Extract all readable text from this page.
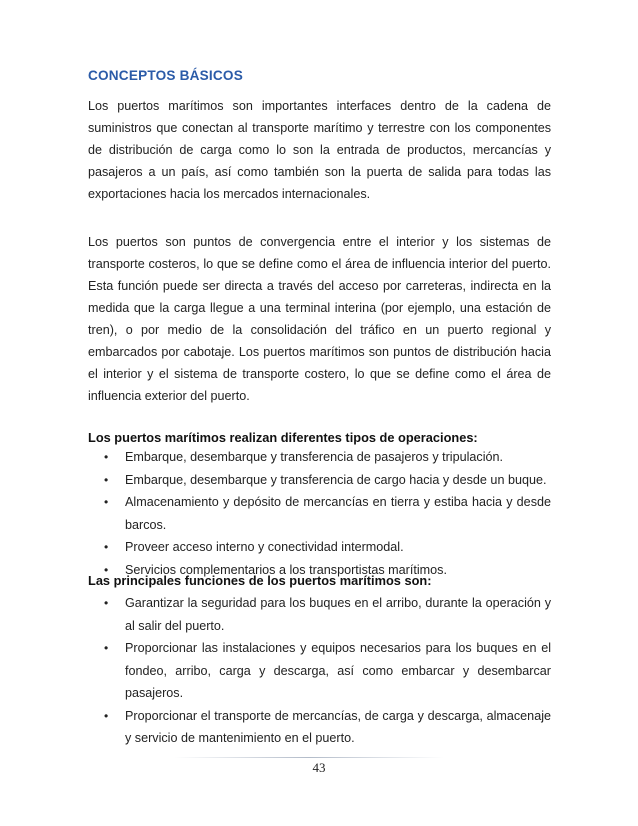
CONCEPTOS BÁSICOS

Los puertos marítimos son importantes interfaces dentro de la cadena de suministros que conectan al transporte marítimo y terrestre con los componentes de distribución de carga como lo son la entrada de productos, mercancías y pasajeros a un país, así como también son la puerta de salida para todas las exportaciones hacia los mercados internacionales.

Los puertos son puntos de convergencia entre el interior y los sistemas de transporte costeros, lo que se define como el área de influencia interior del puerto. Esta función puede ser directa a través del acceso por carreteras, indirecta en la medida que la carga llegue a una terminal interina (por ejemplo, una estación de tren), o por medio de la consolidación del tráfico en un puerto regional y embarcados por cabotaje. Los puertos marítimos son puntos de distribución hacia el interior y el sistema de transporte costero, lo que se define como el área de influencia exterior del puerto.

Los puertos marítimos realizan diferentes tipos de operaciones:

• Embarque, desembarque y transferencia de pasajeros y tripulación.
• Embarque, desembarque y transferencia de cargo hacia y desde un buque.
• Almacenamiento y depósito de mercancías en tierra y estiba hacia y desde barcos.
• Proveer acceso interno y conectividad intermodal.
• Servicios complementarios a los transportistas marítimos.

Las principales funciones de los puertos marítimos son:

• Garantizar la seguridad para los buques en el arribo, durante la operación y al salir del puerto.
• Proporcionar las instalaciones y equipos necesarios para los buques en el fondeo, arribo, carga y descarga, así como embarcar y desembarcar pasajeros.
• Proporcionar el transporte de mercancías, de carga y descarga, almacenaje y servicio de mantenimiento en el puerto.
43
